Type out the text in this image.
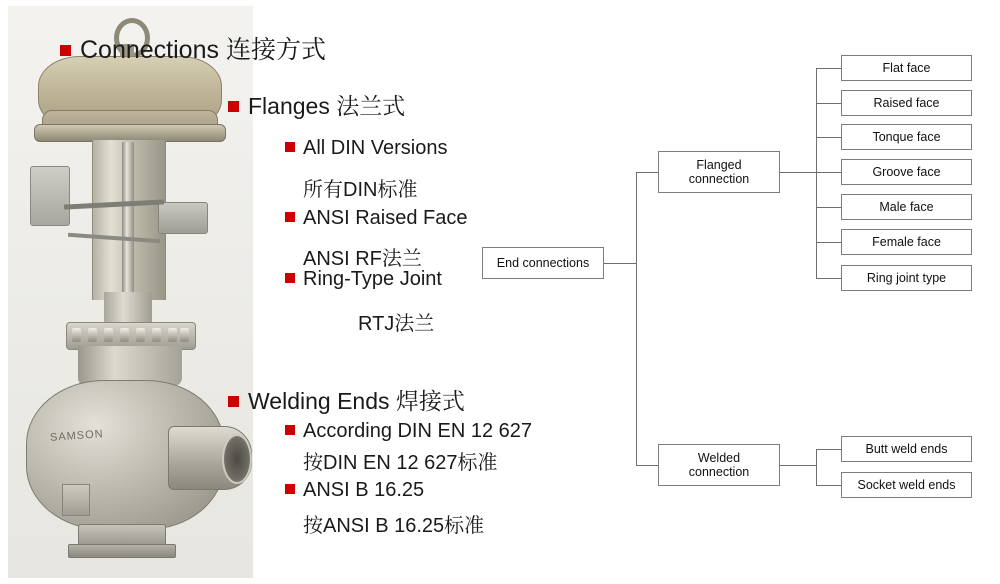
SAMSON
Connections 连接方式
Flanges 法兰式
All DIN Versions
所有DIN标准
ANSI Raised Face
ANSI RF法兰
Ring-Type Joint
RTJ法兰
Welding Ends 焊接式
According DIN EN 12 627
按DIN EN 12 627标准
ANSI B 16.25
按ANSI B 16.25标准
End connections
Flanged
connection
Flat face
Raised face
Tonque face
Groove face
Male face
Female face
Ring joint type
Welded
connection
Butt weld ends
Socket weld ends
